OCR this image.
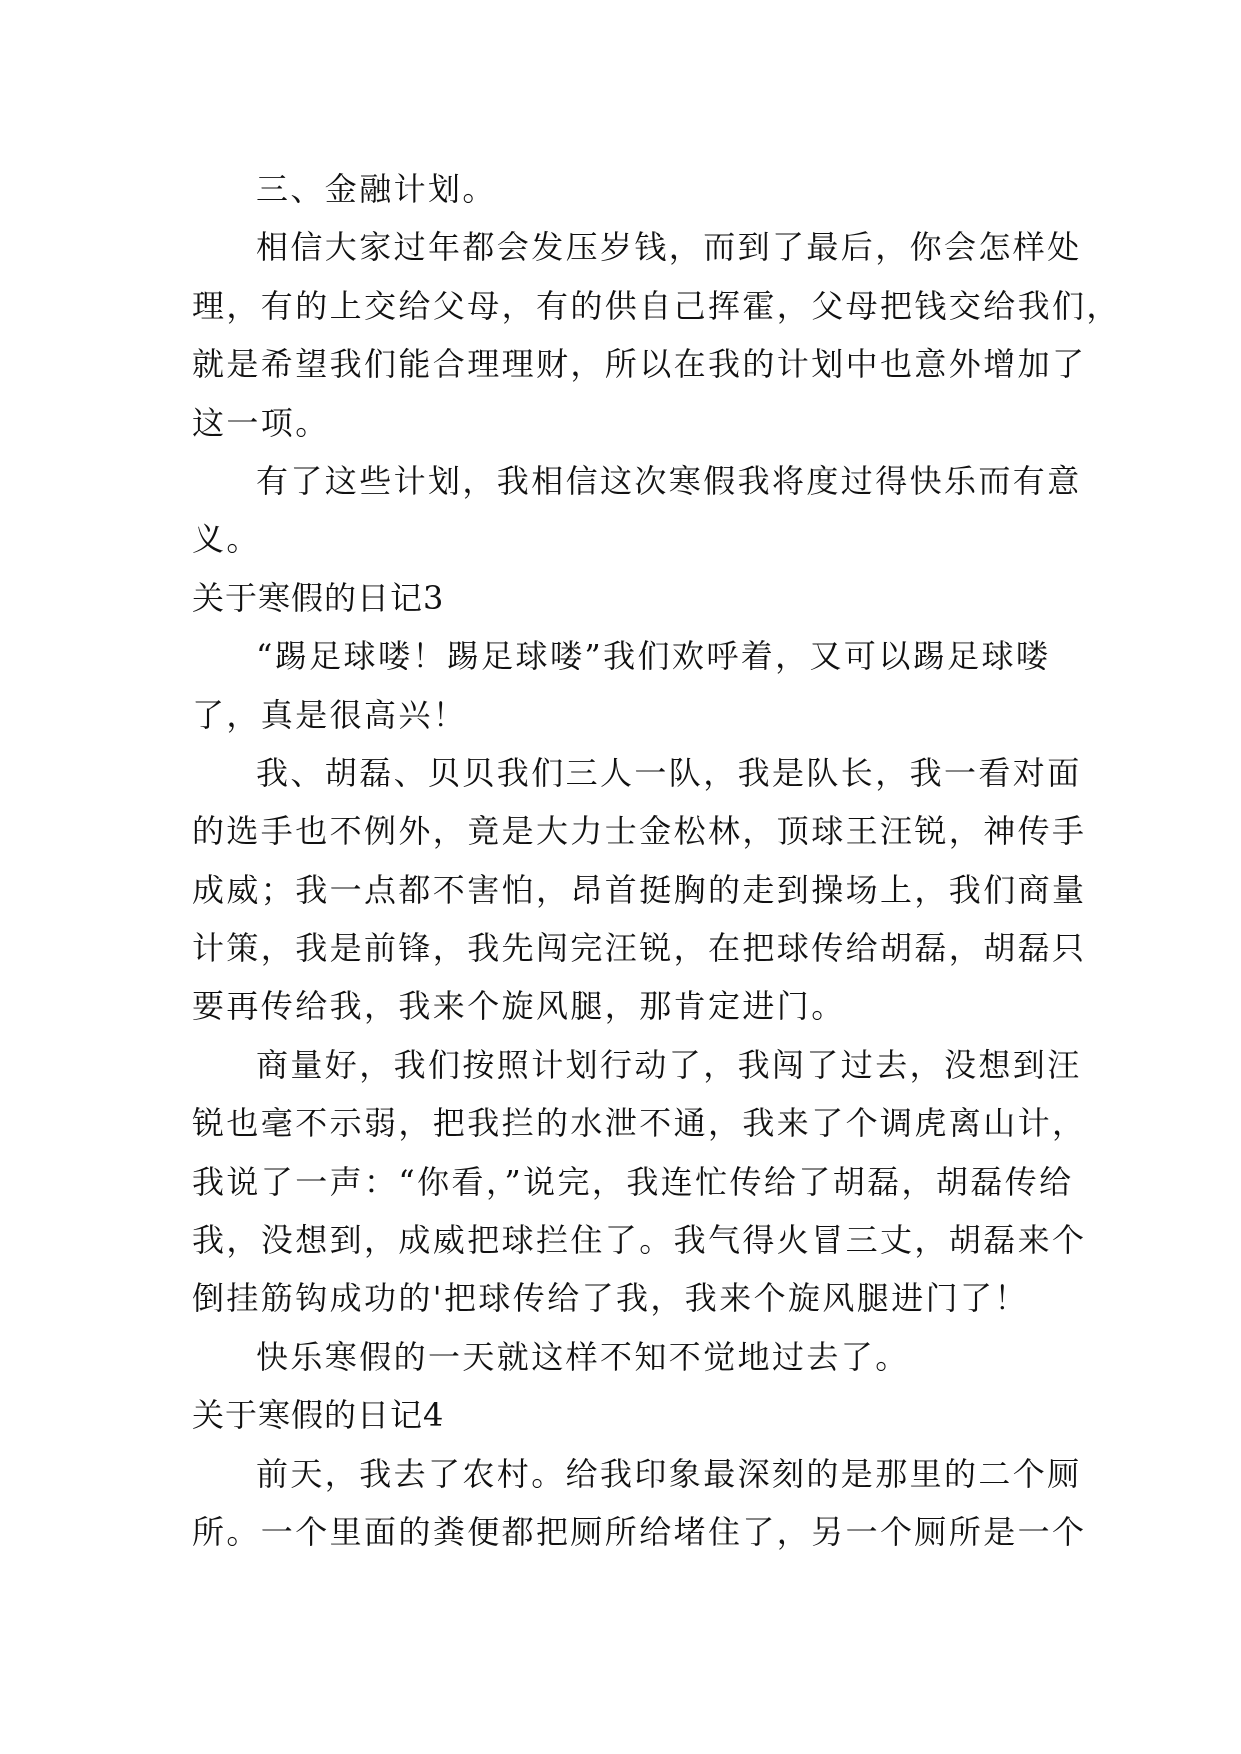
三、金融计划。
相信大家过年都会发压岁钱，而到了最后，你会怎样处
理，有的上交给父母，有的供自己挥霍，父母把钱交给我们，
就是希望我们能合理理财，所以在我的计划中也意外增加了
这一项。
有了这些计划，我相信这次寒假我将度过得快乐而有意
义。
关于寒假的日记3
“踢足球喽！踢足球喽”我们欢呼着，又可以踢足球喽
了，真是很高兴！
我、胡磊、贝贝我们三人一队，我是队长，我一看对面
的选手也不例外，竟是大力士金松林，顶球王汪锐，神传手
成威；我一点都不害怕，昂首挺胸的走到操场上，我们商量
计策，我是前锋，我先闯完汪锐，在把球传给胡磊，胡磊只
要再传给我，我来个旋风腿，那肯定进门。
商量好，我们按照计划行动了，我闯了过去，没想到汪
锐也毫不示弱，把我拦的水泄不通，我来了个调虎离山计，
我说了一声：“你看，”说完，我连忙传给了胡磊，胡磊传给
我，没想到，成威把球拦住了。我气得火冒三丈，胡磊来个
倒挂筋钩成功的'把球传给了我，我来个旋风腿进门了！
快乐寒假的一天就这样不知不觉地过去了。
关于寒假的日记4
前天，我去了农村。给我印象最深刻的是那里的二个厕
所。一个里面的粪便都把厕所给堵住了，另一个厕所是一个
